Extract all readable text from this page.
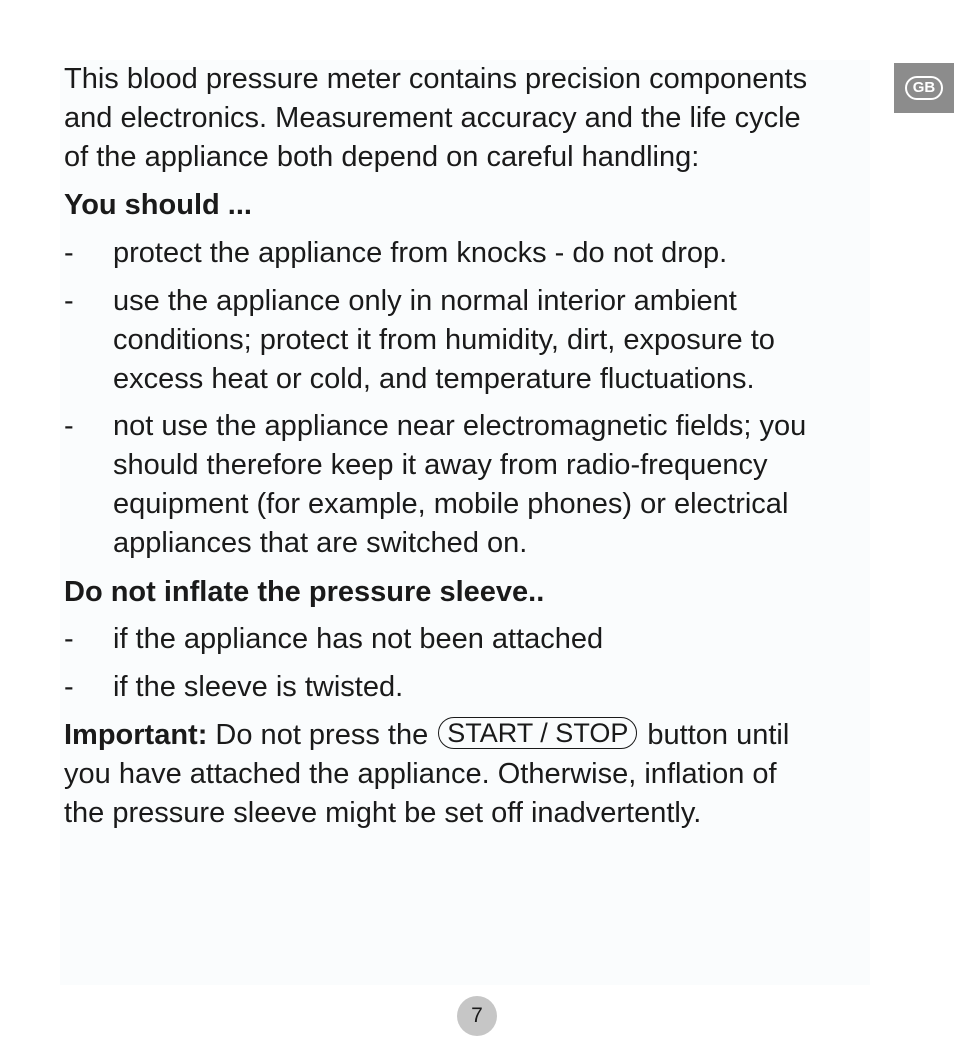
This blood pressure meter contains precision components
and electronics. Measurement accuracy and the life cycle
of the appliance both depend on careful handling:

You should ...

- protect the appliance from knocks - do not drop.
- use the appliance only in normal interior ambient
conditions; protect it from humidity, dirt, exposure to
excess heat or cold, and temperature fluctuations.
- not use the appliance near electromagnetic fields; you
should therefore keep it away from radio-frequency
equipment (for example, mobile phones) or electrical
appliances that are switched on.

Do not inflate the pressure sleeve..

- if the appliance has not been attached
- if the sleeve is twisted.

Important: Do not press the START / STOP button until
you have attached the appliance. Otherwise, inflation of
the pressure sleeve might be set off inadvertently.

GB
7
